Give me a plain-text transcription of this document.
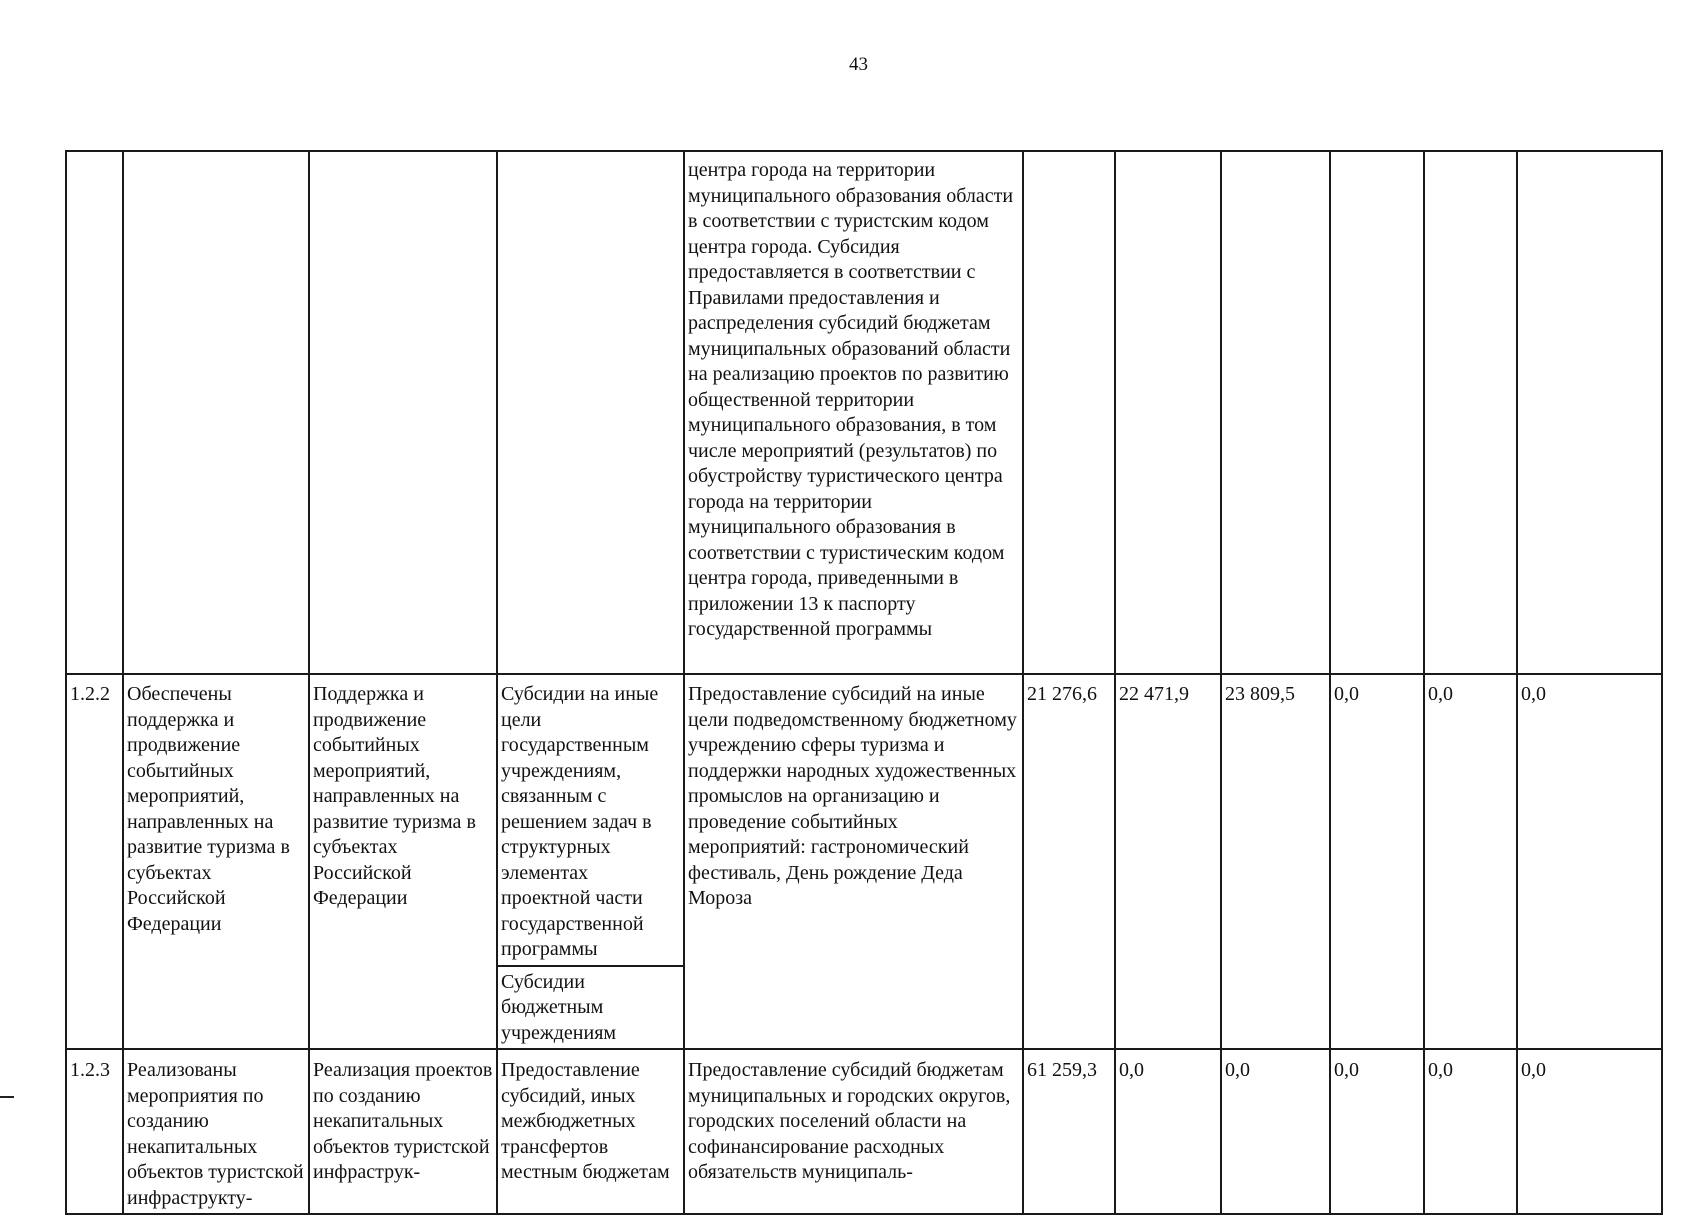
43
				центра города на территории муниципального образования области в соответствии с туристским кодом центра города. Субсидия предоставляется в соответствии с Правилами предоставления и распределения субсидий бюджетам муниципальных образований области на реализацию проектов по развитию общественной территории муниципального образования, в том числе мероприятий (результатов) по обустройству туристического центра города на территории муниципального образования в соответствии с туристическим кодом центра города, приведенными в приложении 13 к паспорту государственной программы						
1.2.2	Обеспечены поддержка и продвижение событийных мероприятий, направленных на развитие туризма в субъектах Российской Федерации	Поддержка и продвижение событийных мероприятий, направленных на развитие туризма в субъектах Российской Федерации	Субсидии на иные цели государственным учреждениям, связанным с решением задач в структурных элементах проектной части государственной программы	Предоставление субсидий на иные цели подведомственному бюджетному учреждению сферы туризма и поддержки народных художественных промыслов на организацию и проведение событийных мероприятий: гастрономический фестиваль, День рождение Деда Мороза	21 276,6	22 471,9	23 809,5	0,0	0,0	0,0
			Субсидии бюджетным учреждениям							
1.2.3	Реализованы мероприятия по созданию некапитальных объектов туристской инфраструкту-	Реализация проектов по созданию некапитальных объектов туристской инфраструк-	Предоставление субсидий, иных межбюджетных трансфертов местным бюджетам	Предоставление субсидий бюджетам муниципальных и городских округов, городских поселений области на софинансирование расходных обязательств муниципаль-	61 259,3	0,0	0,0	0,0	0,0	0,0
